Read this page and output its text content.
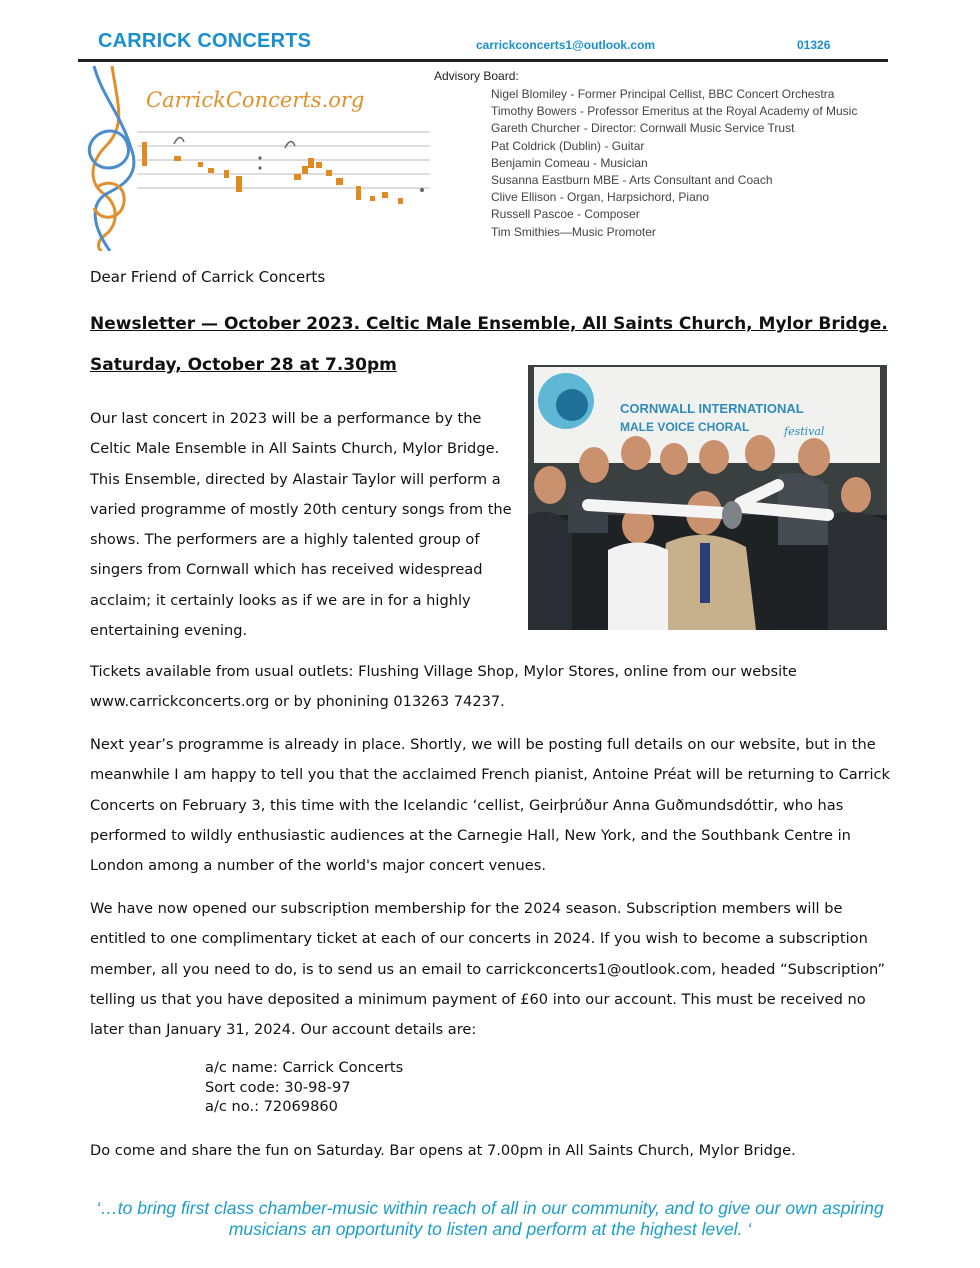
CARRICK CONCERTS	carrickconcerts1@outlook.com	01326
CarrickConcerts.org
Advisory Board:
Nigel Blomiley - Former Principal Cellist, BBC Concert Orchestra
Timothy Bowers - Professor Emeritus at the Royal Academy of Music
Gareth Churcher - Director: Cornwall Music Service Trust
Pat Coldrick (Dublin) - Guitar
Benjamin Comeau - Musician
Susanna Eastburn MBE - Arts Consultant and Coach
Clive Ellison - Organ, Harpsichord, Piano
Russell Pascoe - Composer
Tim Smithies—Music Promoter
Dear Friend of Carrick Concerts
Newsletter — October 2023. Celtic Male Ensemble, All Saints Church, Mylor Bridge.
Saturday, October 28 at 7.30pm
CORNWALL INTERNATIONAL
MALE VOICE CHORAL	festival

Our last concert in 2023 will be a performance by the Celtic Male Ensemble in All Saints Church, Mylor Bridge. This Ensemble, directed by Alastair Taylor will perform a varied programme of mostly 20th century songs from the shows. The performers are a highly talented group of singers from Cornwall which has received widespread acclaim; it certainly looks as if we are in for a highly entertaining evening.

Tickets available from usual outlets: Flushing Village Shop, Mylor Stores, online from our website www.carrickconcerts.org or by phonining 013263 74237.

Next year’s programme is already in place. Shortly, we will be posting full details on our website, but in the meanwhile I am happy to tell you that the acclaimed French pianist, Antoine Préat will be returning to Carrick Concerts on February 3, this time with the Icelandic ‘cellist, Geirþrúður Anna Guðmundsdóttir, who has performed to wildly enthusiastic audiences at the Carnegie Hall, New York, and the Southbank Centre in London among a number of the world's major concert venues.

We have now opened our subscription membership for the 2024 season. Subscription members will be entitled to one complimentary ticket at each of our concerts in 2024. If you wish to become a subscription member, all you need to do, is to send us an email to carrickconcerts1@outlook.com, headed “Subscription” telling us that you have deposited a minimum payment of £60 into our account. This must be received no later than January 31, 2024. Our account details are:

a/c name: Carrick Concerts
Sort code: 30-98-97
a/c no.: 72069860

Do come and share the fun on Saturday. Bar opens at 7.00pm in All Saints Church, Mylor Bridge.

‘…to bring first class chamber-music within reach of all in our community, and to give our own aspiring musicians an opportunity to listen and perform at the highest level. ‘
